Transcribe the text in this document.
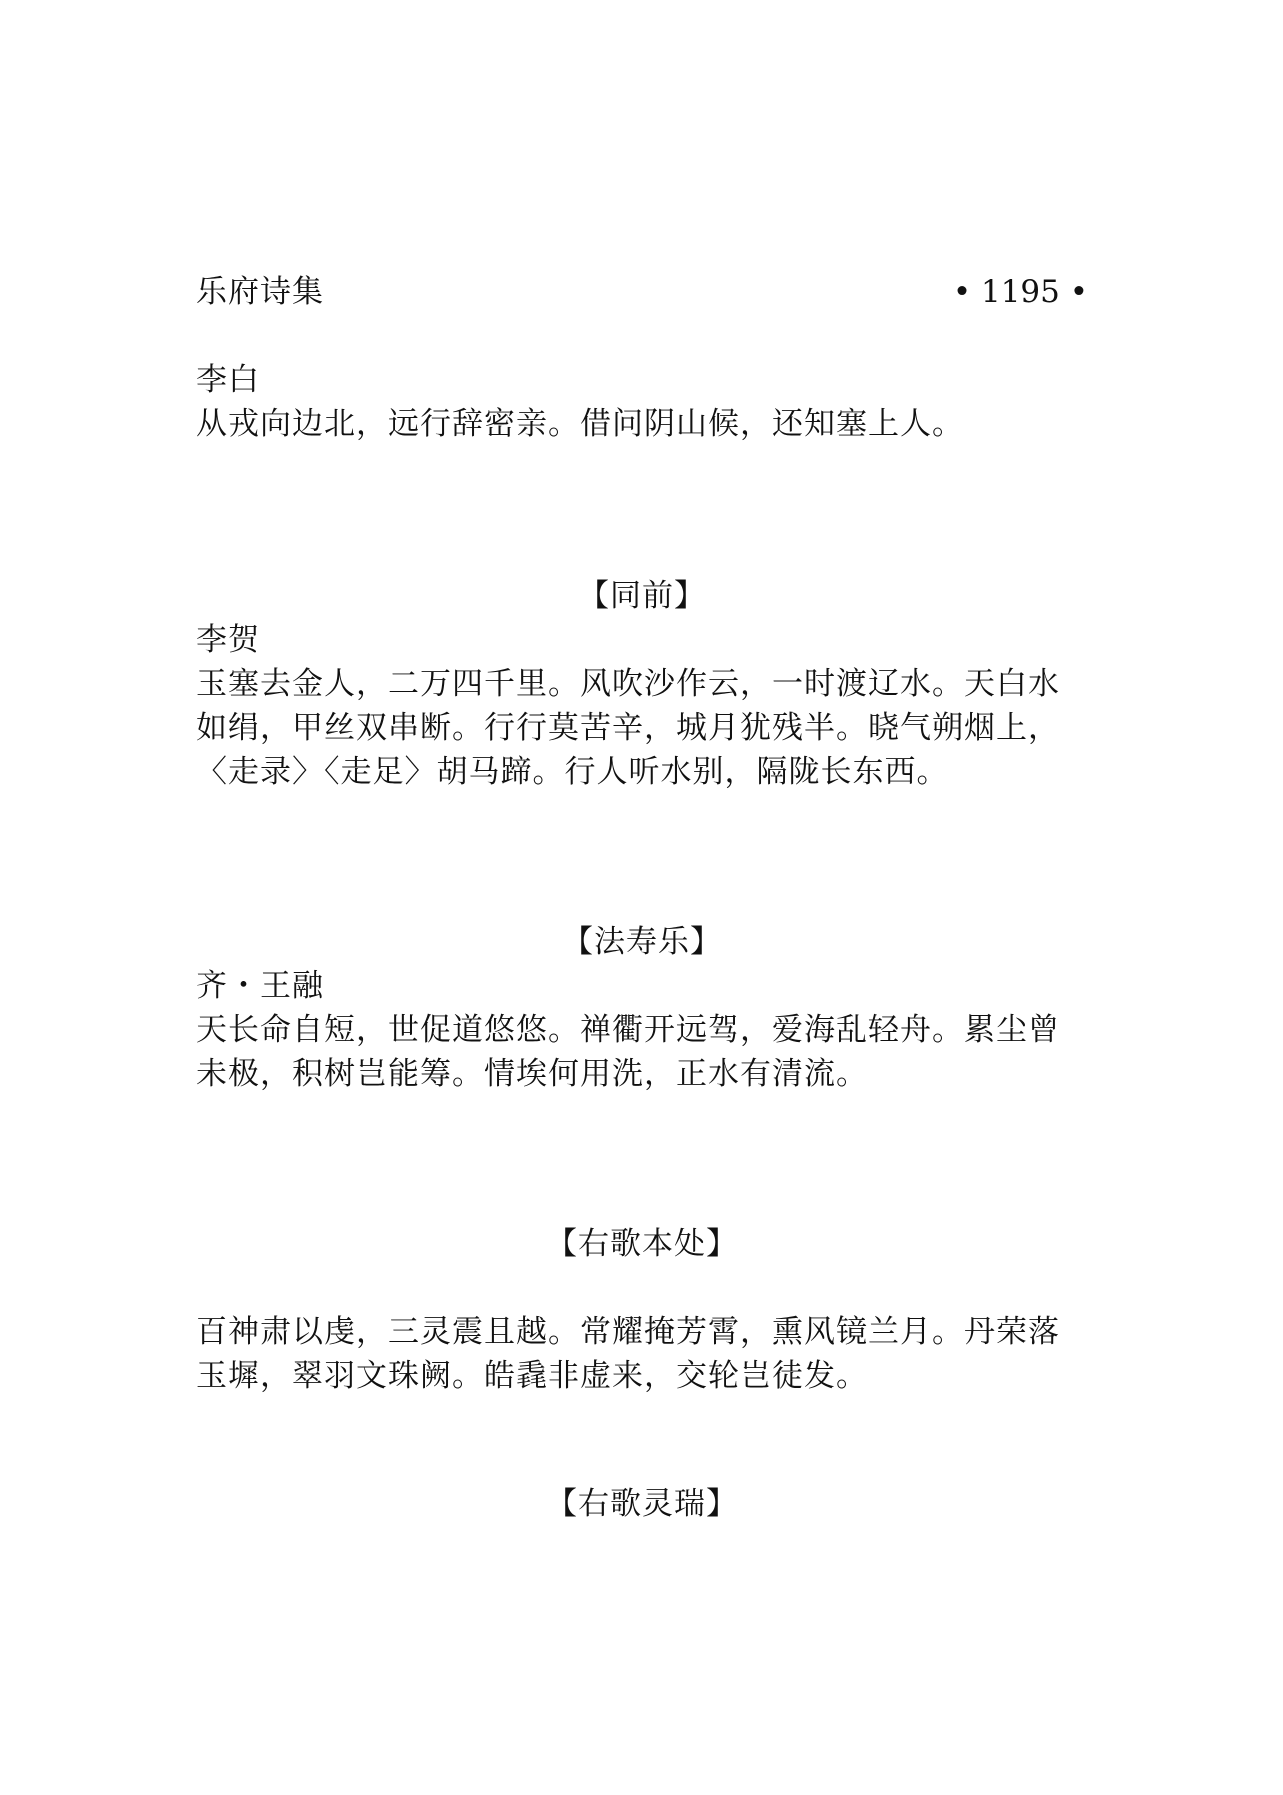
乐府诗集	• 1195 •
李白
从戎向边北，远行辞密亲。借问阴山候，还知塞上人。
【同前】
李贺
玉塞去金人，二万四千里。风吹沙作云，一时渡辽水。天白水
如绢，甲丝双串断。行行莫苦辛，城月犹残半。晓气朔烟上，
〈走录〉〈走足〉胡马蹄。行人听水别，隔陇长东西。
【法寿乐】
齐・王融
天长命自短，世促道悠悠。禅衢开远驾，爱海乱轻舟。累尘曾
未极，积树岂能筹。情埃何用洗，正水有清流。
【右歌本处】
百神肃以虔，三灵震且越。常耀掩芳霄，熏风镜兰月。丹荣落
玉墀，翠羽文珠阙。皓毳非虚来，交轮岂徒发。
【右歌灵瑞】
